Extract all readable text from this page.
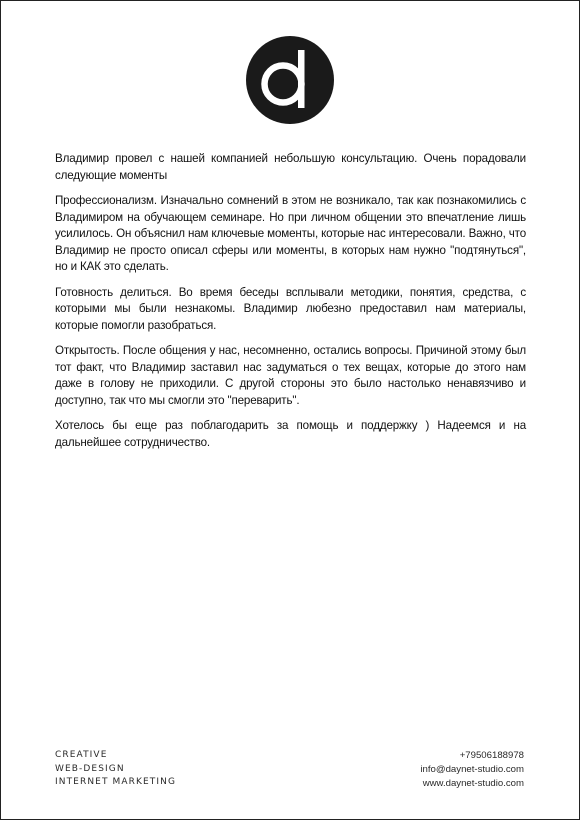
Владимир провел с нашей компанией небольшую консультацию. Очень порадовали следующие моменты

Профессионализм. Изначально сомнений в этом не возникало, так как познакомились с Владимиром на обучающем семинаре. Но при личном общении это впечатление лишь усилилось. Он объяснил нам ключевые моменты, которые нас интересовали. Важно, что Владимир не просто описал сферы или моменты, в которых нам нужно "подтянуться", но и КАК это сделать.

Готовность делиться. Во время беседы всплывали методики, понятия, средства, с которыми мы были незнакомы. Владимир любезно предоставил нам материалы, которые помогли разобраться.

Открытость. После общения у нас, несомненно, остались вопросы. Причиной этому был тот факт, что Владимир заставил нас задуматься о тех вещах, которые до этого нам даже в голову не приходили. С другой стороны это было настолько ненавязчиво и доступно, так что мы смогли это "переварить".

Хотелось бы еще раз поблагодарить за помощь и поддержку ) Надеемся и на дальнейшее сотрудничество.

CREATIVE
WEB-DESIGN
INTERNET MARKETING
+79506188978
info@daynet-studio.com
www.daynet-studio.com
